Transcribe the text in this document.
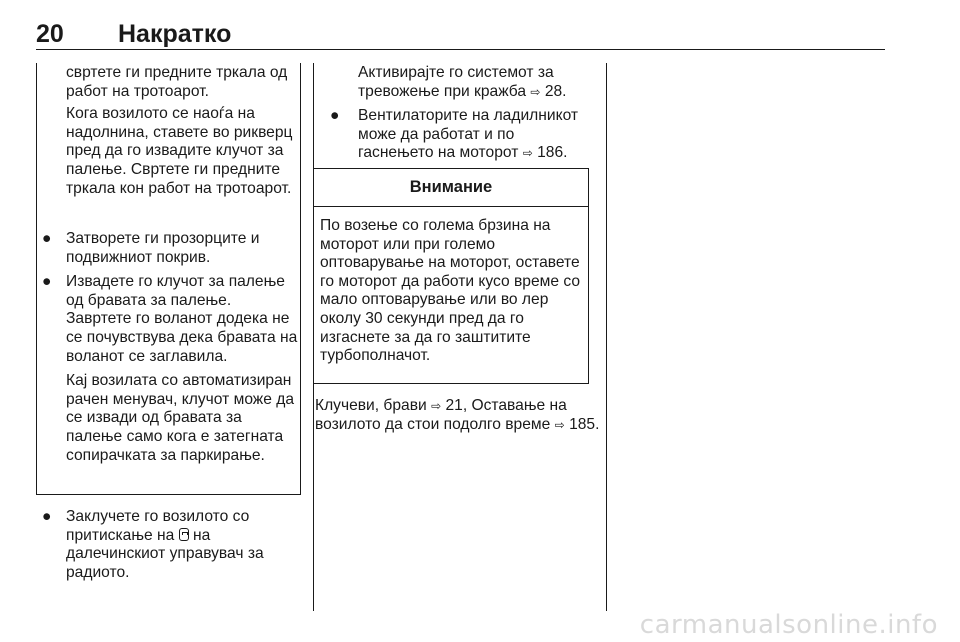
20 Накратко

свртете ги предните тркала од работ на тротоарот.

Кога возилото се наоѓа на надолнина, ставете во рикверц пред да го извадите клучот за палење. Свртете ги предните тркала кон работ на тротоарот.

● Затворете ги прозорците и подвижниот покрив.
● Извадете го клучот за палење од бравата за палење. Завртете го воланот додека не се почувствува дека бравата на воланот се заглавила.

Кај возилата со автоматизиран рачен менувач, клучот може да се извади од бравата за палење само кога е затегната сопирачката за паркирање.

● Заклучете го возилото со притискање на на далечинскиот управувач за радиото.
Активирајте го системот за тревожење при кражба ⇨ 28.
● Вентилаторите на ладилникот може да работат и по гаснењето на моторот ⇨ 186.
Внимание
По возење со голема брзина на моторот или при големо оптоварување на моторот, оставете го моторот да работи кусо време со мало оптоварување или во лер околу 30 секунди пред да го изгаснете за да го заштитите турбополначот.
Клучеви, брави ⇨ 21, Оставање на возилото да стои подолго време ⇨ 185.
carmanualsonline.info
